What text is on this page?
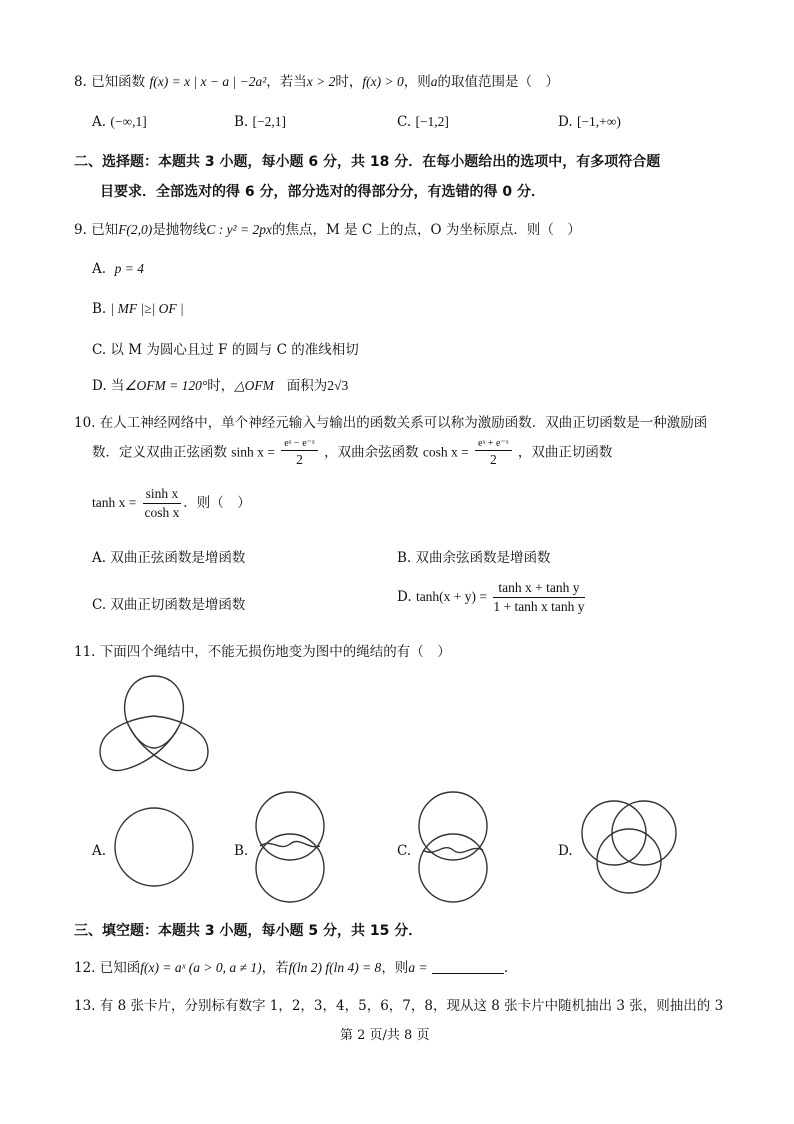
8. 已知函数 f(x) = x | x − a | −2a²，若当x > 2时，f(x) > 0，则a的取值范围是（　）
A. (−∞,1]	B. [−2,1]	C. [−1,2]	D. [−1,+∞)
二、选择题：本题共 3 小题，每小题 6 分，共 18 分．在每小题给出的选项中，有多项符合题
目要求．全部选对的得 6 分，部分选对的得部分分，有选错的得 0 分．
9. 已知F(2,0)是抛物线C : y² = 2px的焦点，M 是 C 上的点，O 为坐标原点．则（　）
A. p = 4
B. | MF |≥| OF |
C. 以 M 为圆心且过 F 的圆与 C 的准线相切
D. 当∠OFM = 120°时，△OFM 面积为2√3
10. 在人工神经网络中，单个神经元输入与输出的函数关系可以称为激励函数．双曲正切函数是一种激励函
数．定义双曲正弦函数 $\sinh x = \frac{\text{eˣ − e⁻ˣ}}{2}$ ，双曲余弦函数 $\cosh x = \frac{\text{eˣ + e⁻ˣ}}{2}$ ，双曲正切函数
$\tanh x = \frac{\text{sinh x}}{\text{cosh x}}$ ．则（　）
A. 双曲正弦函数是增函数	B. 双曲余弦函数是增函数
C. 双曲正切函数是增函数	D. $\tanh(x + y) = \frac{\text{tanh x + tanh y}}{\text{1 + tanh x tanh y}}$
11. 下面四个绳结中，不能无损伤地变为图中的绳结的有（　）
A.	B.	C.	D.
三、填空题：本题共 3 小题，每小题 5 分，共 15 分．
12. 已知函f(x) = aˣ (a > 0, a ≠ 1)，若f(ln 2) f(ln 4) = 8，则a =	.
13. 有 8 张卡片，分别标有数字 1，2，3，4，5，6，7，8，现从这 8 张卡片中随机抽出 3 张，则抽出的 3
第 2 页/共 8 页
